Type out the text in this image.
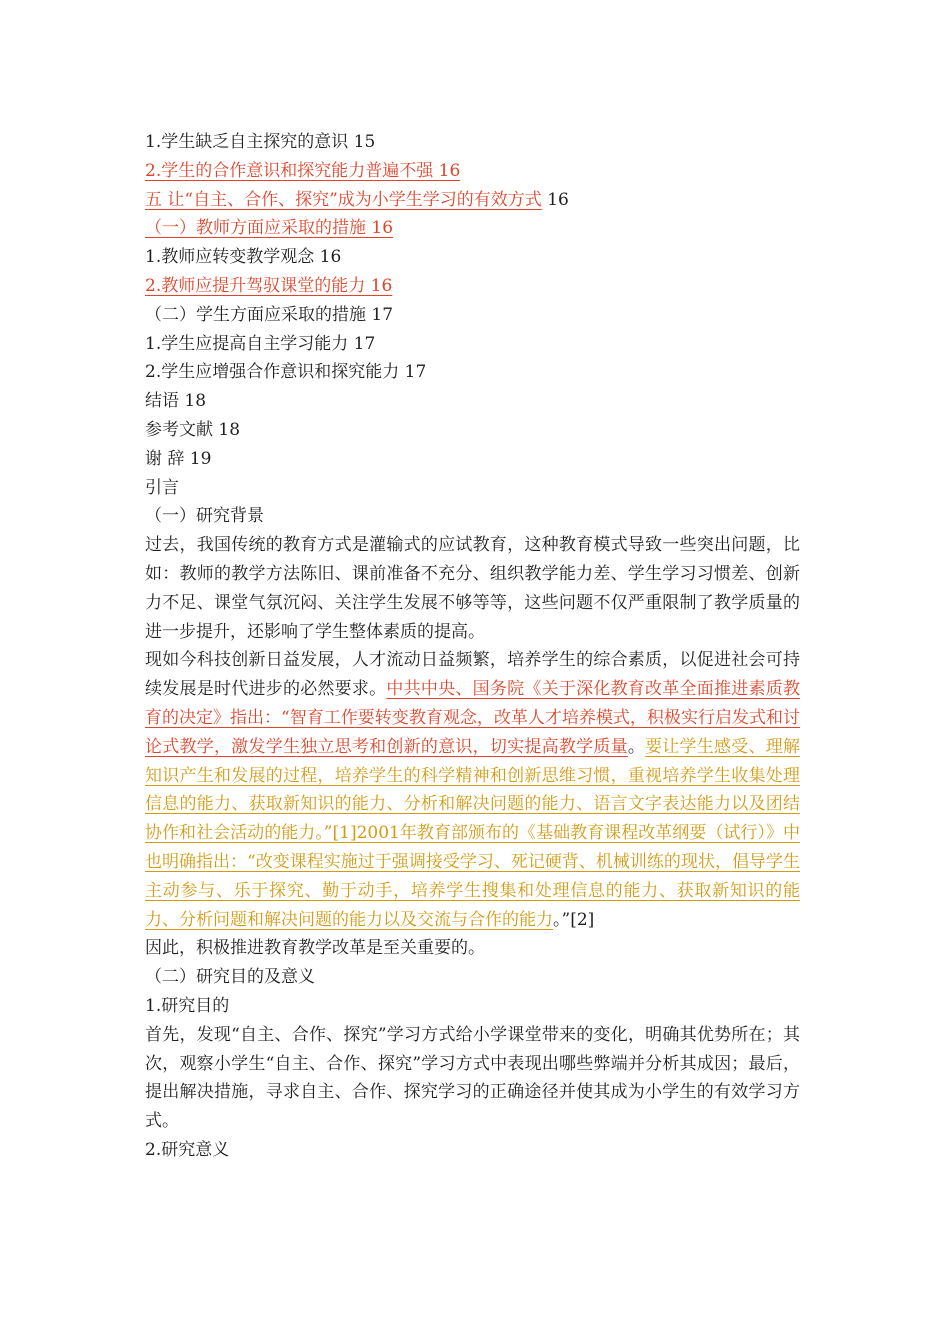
1.学生缺乏自主探究的意识 15

2.学生的合作意识和探究能力普遍不强 16

五 让“自主、合作、探究”成为小学生学习的有效方式 16

（一）教师方面应采取的措施 16

1.教师应转变教学观念 16

2.教师应提升驾驭课堂的能力 16

（二）学生方面应采取的措施 17

1.学生应提高自主学习能力 17

2.学生应增强合作意识和探究能力 17

结语 18

参考文献 18

谢 辞 19

引言

（一）研究背景

过去，我国传统的教育方式是灌输式的应试教育，这种教育模式导致一些突出问题，比如：教师的教学方法陈旧、课前准备不充分、组织教学能力差、学生学习习惯差、创新力不足、课堂气氛沉闷、关注学生发展不够等等，这些问题不仅严重限制了教学质量的进一步提升，还影响了学生整体素质的提高。

现如今科技创新日益发展，人才流动日益频繁，培养学生的综合素质，以促进社会可持续发展是时代进步的必然要求。中共中央、国务院《关于深化教育改革全面推进素质教育的决定》指出：“智育工作要转变教育观念，改革人才培养模式，积极实行启发式和讨论式教学，激发学生独立思考和创新的意识，切实提高教学质量。要让学生感受、理解知识产生和发展的过程，培养学生的科学精神和创新思维习惯，重视培养学生收集处理信息的能力、获取新知识的能力、分析和解决问题的能力、语言文字表达能力以及团结协作和社会活动的能力。”[1]2001年教育部颁布的《基础教育课程改革纲要（试行）》中也明确指出：“改变课程实施过于强调接受学习、死记硬背、机械训练的现状，倡导学生主动参与、乐于探究、勤于动手，培养学生搜集和处理信息的能力、获取新知识的能力、分析问题和解决问题的能力以及交流与合作的能力。”[2]

因此，积极推进教育教学改革是至关重要的。

（二）研究目的及意义

1.研究目的

首先，发现“自主、合作、探究”学习方式给小学课堂带来的变化，明确其优势所在；其次，观察小学生“自主、合作、探究”学习方式中表现出哪些弊端并分析其成因；最后，提出解决措施，寻求自主、合作、探究学习的正确途径并使其成为小学生的有效学习方式。

2.研究意义
